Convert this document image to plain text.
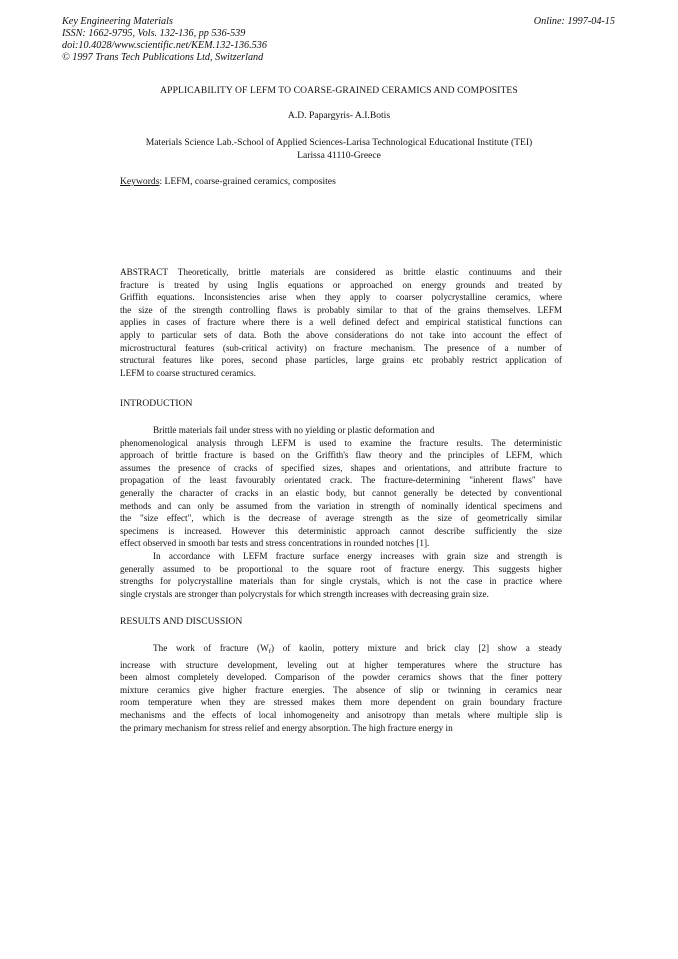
Key Engineering Materials
ISSN: 1662-9795, Vols. 132-136, pp 536-539
doi:10.4028/www.scientific.net/KEM.132-136.536
© 1997 Trans Tech Publications Ltd, Switzerland
Online: 1997-04-15
APPLICABILITY OF LEFM TO COARSE-GRAINED CERAMICS AND COMPOSITES
A.D. Papargyris- A.I.Botis
Materials Science Lab.-School of Applied Sciences-Larisa Technological Educational Institute (TEI)
Larissa 41110-Greece
Keywords: LEFM, coarse-grained ceramics, composites
ABSTRACT Theoretically, brittle materials are considered as brittle elastic continuums and their
fracture is treated by using Inglis equations or approached on energy grounds and treated by
Griffith equations. Inconsistencies arise when they apply to coarser polycrystalline ceramics, where
the size of the strength controlling flaws is probably similar to that of the grains themselves. LEFM
applies in cases of fracture where there is a well defined defect and empirical statistical functions can
apply to particular sets of data. Both the above considerations do not take into account the effect of
microstructural features (sub-critical activity) on fracture mechanism. The presence of a number of
structural features like pores, second phase particles, large grains etc probably restrict application of
LEFM to coarse structured ceramics.
INTRODUCTION
Brittle materials fail under stress with no yielding or plastic deformation and
phenomenological analysis through LEFM is used to examine the fracture results. The deterministic
approach of brittle fracture is based on the Griffith's flaw theory and the principles of LEFM, which
assumes the presence of cracks of specified sizes, shapes and orientations, and attribute fracture to
propagation of the least favourably orientated crack. The fracture-determining "inherent flaws" have
generally the character of cracks in an elastic body, but cannot generally be detected by conventional
methods and can only be assumed from the variation in strength of nominally identical specimens and
the "size effect", which is the decrease of average strength as the size of geometrically similar
specimens is increased. However this deterministic approach cannot describe sufficiently the size
effect observed in smooth bar tests and stress concentrations in rounded notches [1].
In accordance with LEFM fracture surface energy increases with grain size and strength is
generally assumed to be proportional to the square root of fracture energy. This suggests higher
strengths for polycrystalline materials than for single crystals, which is not the case in practice where
single crystals are stronger than polycrystals for which strength increases with decreasing grain size.
RESULTS AND DISCUSSION
The work of fracture $(W_f)$ of kaolin, pottery mixture and brick clay [2] show a steady
increase with structure development, leveling out at higher temperatures where the structure has
been almost completely developed. Comparison of the powder ceramics shows that the finer pottery
mixture ceramics give higher fracture energies. The absence of slip or twinning in ceramics near
room temperature when they are stressed makes them more dependent on grain boundary fracture
mechanisms and the effects of local inhomogeneity and anisotropy than metals where multiple slip is
the primary mechanism for stress relief and energy absorption. The high fracture energy in
